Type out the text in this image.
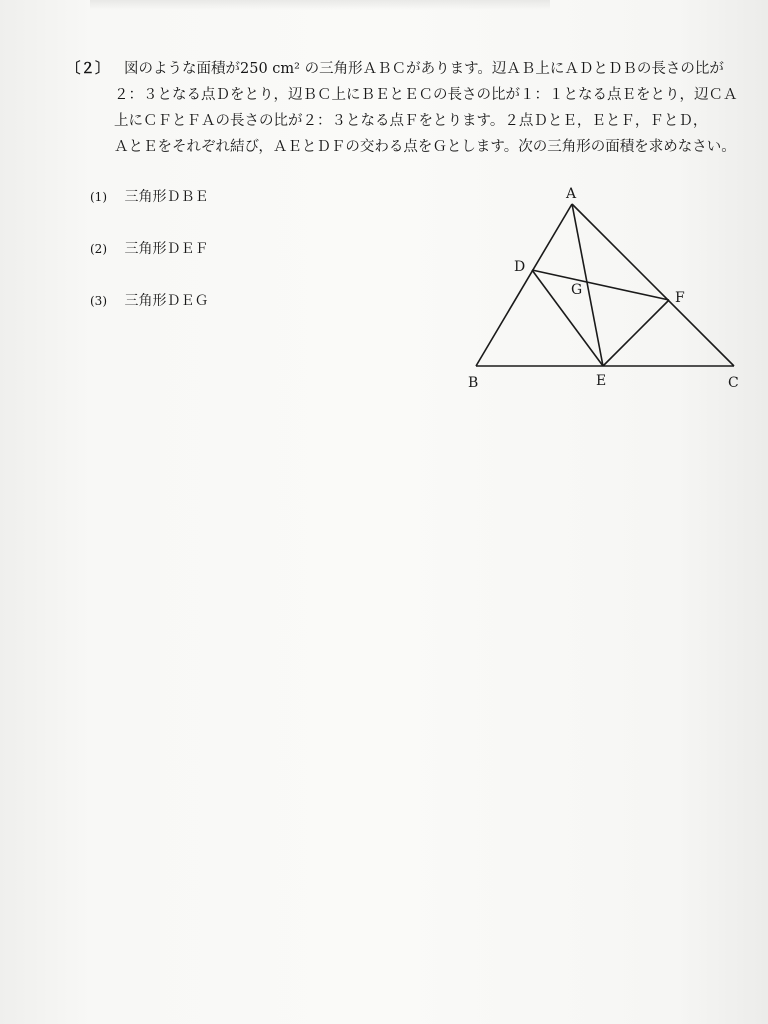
〔２〕 図のような面積が250 cm² の三角形ＡＢＣがあります。辺ＡＢ上にＡＤとＤＢの長さの比が
２：３となる点Ｄをとり，辺ＢＣ上にＢＥとＥＣの長さの比が１：１となる点Ｅをとり，辺ＣＡ
上にＣＦとＦＡの長さの比が２：３となる点Ｆをとります。２点ＤとＥ，ＥとＦ，ＦとＤ，
ＡとＥをそれぞれ結び，ＡＥとＤＦの交わる点をＧとします。次の三角形の面積を求めなさい。
(1) 三角形ＤＢＥ
(2) 三角形ＤＥＦ
(3) 三角形ＤＥＧ
A
B	C
D
E
F
G
